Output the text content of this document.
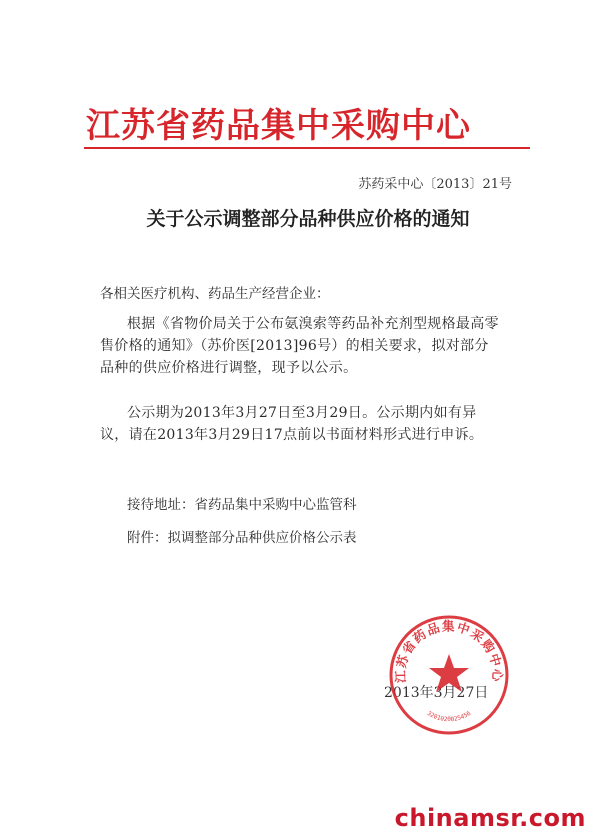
江苏省药品集中采购中心
苏药采中心〔2013〕21号
关于公示调整部分品种供应价格的通知
各相关医疗机构、药品生产经营企业：
根据《省物价局关于公布氨溴索等药品补充剂型规格最高零售价格的通知》（苏价医[2013]96号）的相关要求，拟对部分品种的供应价格进行调整，现予以公示。
公示期为2013年3月27日至3月29日。公示期内如有异议，请在2013年3月29日17点前以书面材料形式进行申诉。
接待地址：省药品集中采购中心监管科
附件：拟调整部分品种供应价格公示表
2013年3月27日
江苏省药品集中采购中心
3201020025456
chinamsr.com
